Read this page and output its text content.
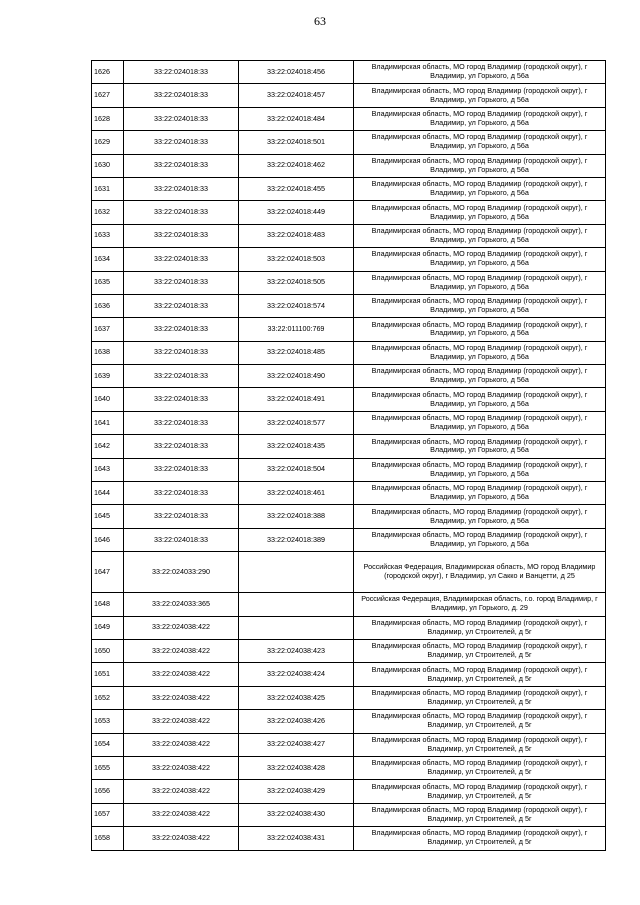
63
1626	33:22:024018:33	33:22:024018:456	Владимирская область, МО город Владимир (городской округ), г Владимир, ул Горького, д 56а
1627	33:22:024018:33	33:22:024018:457	Владимирская область, МО город Владимир (городской округ), г Владимир, ул Горького, д 56а
1628	33:22:024018:33	33:22:024018:484	Владимирская область, МО город Владимир (городской округ), г Владимир, ул Горького, д 56а
1629	33:22:024018:33	33:22:024018:501	Владимирская область, МО город Владимир (городской округ), г Владимир, ул Горького, д 56а
1630	33:22:024018:33	33:22:024018:462	Владимирская область, МО город Владимир (городской округ), г Владимир, ул Горького, д 56а
1631	33:22:024018:33	33:22:024018:455	Владимирская область, МО город Владимир (городской округ), г Владимир, ул Горького, д 56а
1632	33:22:024018:33	33:22:024018:449	Владимирская область, МО город Владимир (городской округ), г Владимир, ул Горького, д 56а
1633	33:22:024018:33	33:22:024018:483	Владимирская область, МО город Владимир (городской округ), г Владимир, ул Горького, д 56а
1634	33:22:024018:33	33:22:024018:503	Владимирская область, МО город Владимир (городской округ), г Владимир, ул Горького, д 56а
1635	33:22:024018:33	33:22:024018:505	Владимирская область, МО город Владимир (городской округ), г Владимир, ул Горького, д 56а
1636	33:22:024018:33	33:22:024018:574	Владимирская область, МО город Владимир (городской округ), г Владимир, ул Горького, д 56а
1637	33:22:024018:33	33:22:011100:769	Владимирская область, МО город Владимир (городской округ), г Владимир, ул Горького, д 56а
1638	33:22:024018:33	33:22:024018:485	Владимирская область, МО город Владимир (городской округ), г Владимир, ул Горького, д 56а
1639	33:22:024018:33	33:22:024018:490	Владимирская область, МО город Владимир (городской округ), г Владимир, ул Горького, д 56а
1640	33:22:024018:33	33:22:024018:491	Владимирская область, МО город Владимир (городской округ), г Владимир, ул Горького, д 56а
1641	33:22:024018:33	33:22:024018:577	Владимирская область, МО город Владимир (городской округ), г Владимир, ул Горького, д 56а
1642	33:22:024018:33	33:22:024018:435	Владимирская область, МО город Владимир (городской округ), г Владимир, ул Горького, д 56а
1643	33:22:024018:33	33:22:024018:504	Владимирская область, МО город Владимир (городской округ), г Владимир, ул Горького, д 56а
1644	33:22:024018:33	33:22:024018:461	Владимирская область, МО город Владимир (городской округ), г Владимир, ул Горького, д 56а
1645	33:22:024018:33	33:22:024018:388	Владимирская область, МО город Владимир (городской округ), г Владимир, ул Горького, д 56а
1646	33:22:024018:33	33:22:024018:389	Владимирская область, МО город Владимир (городской округ), г Владимир, ул Горького, д 56а
1647	33:22:024033:290		Российская Федерация, Владимирская область, МО город Владимир (городской округ), г Владимир, ул Сакко и Ванцетти, д 25
1648	33:22:024033:365		Российская Федерация, Владимирская область, г.о. город Владимир, г Владимир, ул Горького, д. 29
1649	33:22:024038:422		Владимирская область, МО город Владимир (городской округ), г Владимир, ул Строителей, д 5г
1650	33:22:024038:422	33:22:024038:423	Владимирская область, МО город Владимир (городской округ), г Владимир, ул Строителей, д 5г
1651	33:22:024038:422	33:22:024038:424	Владимирская область, МО город Владимир (городской округ), г Владимир, ул Строителей, д 5г
1652	33:22:024038:422	33:22:024038:425	Владимирская область, МО город Владимир (городской округ), г Владимир, ул Строителей, д 5г
1653	33:22:024038:422	33:22:024038:426	Владимирская область, МО город Владимир (городской округ), г Владимир, ул Строителей, д 5г
1654	33:22:024038:422	33:22:024038:427	Владимирская область, МО город Владимир (городской округ), г Владимир, ул Строителей, д 5г
1655	33:22:024038:422	33:22:024038:428	Владимирская область, МО город Владимир (городской округ), г Владимир, ул Строителей, д 5г
1656	33:22:024038:422	33:22:024038:429	Владимирская область, МО город Владимир (городской округ), г Владимир, ул Строителей, д 5г
1657	33:22:024038:422	33:22:024038:430	Владимирская область, МО город Владимир (городской округ), г Владимир, ул Строителей, д 5г
1658	33:22:024038:422	33:22:024038:431	Владимирская область, МО город Владимир (городской округ), г Владимир, ул Строителей, д 5г
